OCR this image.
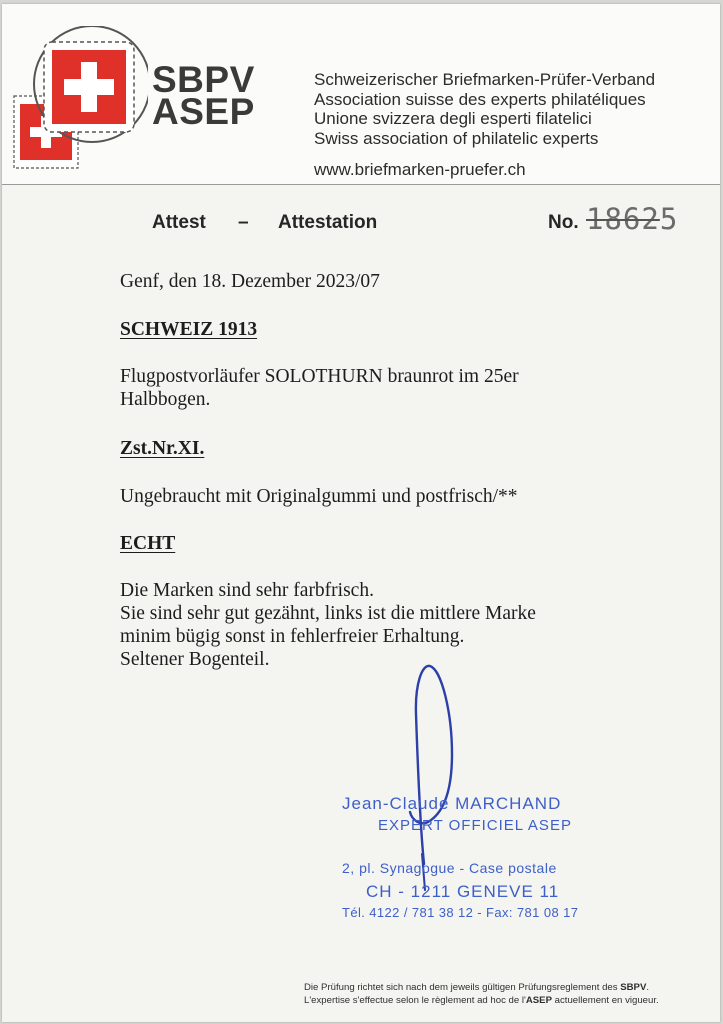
SBPV
ASEP
Schweizerischer Briefmarken-Prüfer-Verband
Association suisse des experts philatéliques
Unione svizzera degli esperti filatelici
Swiss association of philatelic experts
www.briefmarken-pruefer.ch
Attest – Attestation	No. 18625
Genf, den 18. Dezember 2023/07
SCHWEIZ 1913
Flugpostvorläufer SOLOTHURN braunrot im 25er
Halbbogen.
Zst.Nr.XI.
Ungebraucht mit Originalgummi und postfrisch/**
ECHT
Die Marken sind sehr farbfrisch.
Sie sind sehr gut gezähnt, links ist die mittlere Marke
minim bügig sonst in fehlerfreier Erhaltung.
Seltener Bogenteil.
Jean-Claude MARCHAND
EXPERT OFFICIEL ASEP
2, pl. Synagogue - Case postale
CH - 1211 GENEVE 11
Tél. 4122 / 781 38 12 - Fax: 781 08 17
Die Prüfung richtet sich nach dem jeweils gültigen Prüfungsreglement des SBPV.
L'expertise s'effectue selon le règlement ad hoc de l'ASEP actuellement en vigueur.
